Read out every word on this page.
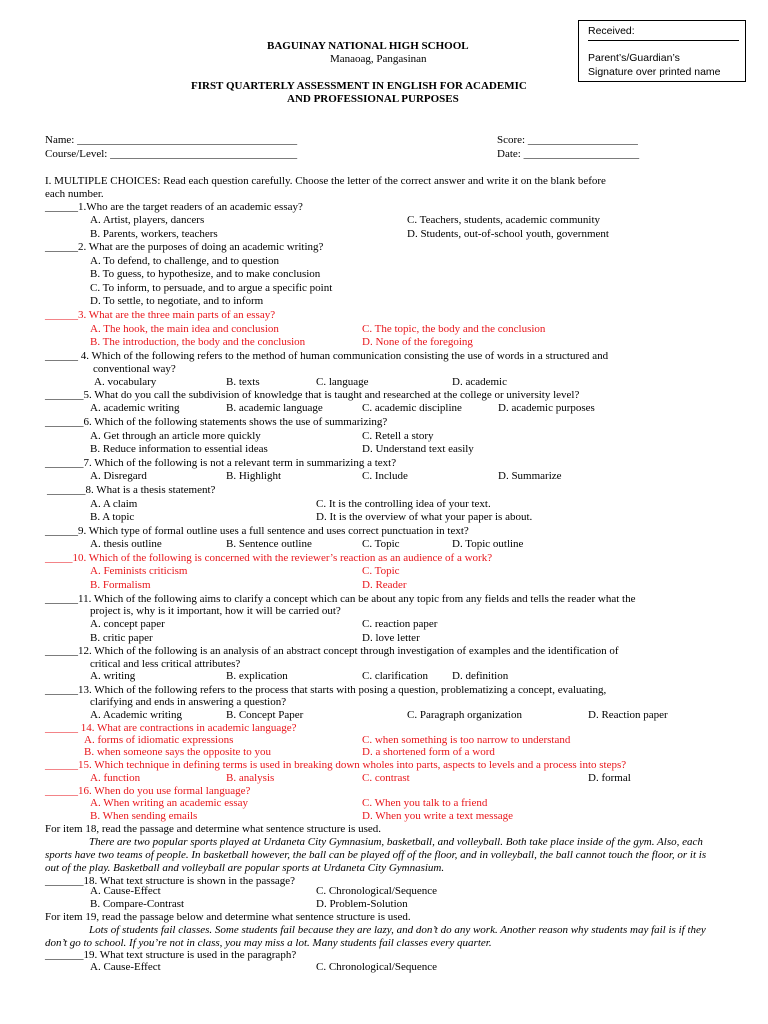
Received:
Parent’s/Guardian’s
Signature over printed name
BAGUINAY NATIONAL HIGH SCHOOL
Manaoag, Pangasinan
FIRST QUARTERLY ASSESSMENT IN ENGLISH FOR ACADEMIC
AND PROFESSIONAL PURPOSES
Name: ________________________________________
Course/Level: __________________________________
Score: ____________________
Date: _____________________
I. MULTIPLE CHOICES: Read each question carefully. Choose the letter of the correct answer and write it on the blank before
each number.
______1.Who are the target readers of an academic essay?
A. Artist, players, dancers
B. Parents, workers, teachers
C. Teachers, students, academic community
D. Students, out-of-school youth, government
______2. What are the purposes of doing an academic writing?
A. To defend, to challenge, and to question
B. To guess, to hypothesize, and to make conclusion
C. To inform, to persuade, and to argue a specific point
D. To settle, to negotiate, and to inform
______3. What are the three main parts of an essay?
A. The hook, the main idea and conclusion
B. The introduction, the body and the conclusion
C. The topic, the body and the conclusion
D. None of the foregoing
______ 4. Which of the following refers to the method of human communication consisting the use of words in a structured and
conventional way?
A. vocabulary	B. texts	C. language	D. academic
_______5. What do you call the subdivision of knowledge that is taught and researched at the college or university level?
A. academic writing	B. academic language	C. academic discipline	D. academic purposes
_______6. Which of the following statements shows the use of summarizing?
A. Get through an article more quickly
B. Reduce information to essential ideas
C. Retell a story
D. Understand text easily
_______7. Which of the following is not a relevant term in summarizing a text?
A. Disregard	B. Highlight	C. Include	D. Summarize
_______8. What is a thesis statement?
A. A claim
B. A topic
C. It is the controlling idea of your text.
D. It is the overview of what your paper is about.
______9. Which type of formal outline uses a full sentence and uses correct punctuation in text?
A. thesis outline	B. Sentence outline	C. Topic	D. Topic outline
_____10. Which of the following is concerned with the reviewer’s reaction as an audience of a work?
A. Feminists criticism
B. Formalism
C. Topic
D. Reader
______11. Which of the following aims to clarify a concept which can be about any topic from any fields and tells the reader what the
project is, why is it important, how it will be carried out?
A. concept paper
B. critic paper
C. reaction paper
D. love letter
______12. Which of the following is an analysis of an abstract concept through investigation of examples and the identification of
critical and less critical attributes?
A. writing	B. explication	C. clarification D. definition
______13. Which of the following refers to the process that starts with posing a question, problematizing a concept, evaluating,
clarifying and ends in answering a question?
A. Academic writing	B. Concept Paper	C. Paragraph organization	D. Reaction paper
______ 14. What are contractions in academic language?
A. forms of idiomatic expressions
B. when someone says the opposite to you
C. when something is too narrow to understand
D. a shortened form of a word
______15. Which technique in defining terms is used in breaking down wholes into parts, aspects to levels and a process into steps?
A. function	B. analysis	C. contrast	D. formal
______16. When do you use formal language?
A. When writing an academic essay
B. When sending emails
C. When you talk to a friend
D. When you write a text message
For item 18, read the passage and determine what sentence structure is used.
There are two popular sports played at Urdaneta City Gymnasium, basketball, and volleyball. Both take place inside of the gym. Also, each sports have two teams of people. In basketball however, the ball can be played off of the floor, and in volleyball, the ball cannot touch the floor, or it is out of the play. Basketball and volleyball are popular sports at Urdaneta City Gymnasium.
_______18. What text structure is shown in the passage?
A. Cause-Effect
B. Compare-Contrast
C. Chronological/Sequence
D. Problem-Solution
For item 19, read the passage below and determine what sentence structure is used.
Lots of students fail classes. Some students fail because they are lazy, and don’t do any work. Another reason why students may fail is if they don’t go to school. If you’re not in class, you may miss a lot. Many students fail classes every quarter.
_______19. What text structure is used in the paragraph?
A. Cause-Effect	C. Chronological/Sequence
